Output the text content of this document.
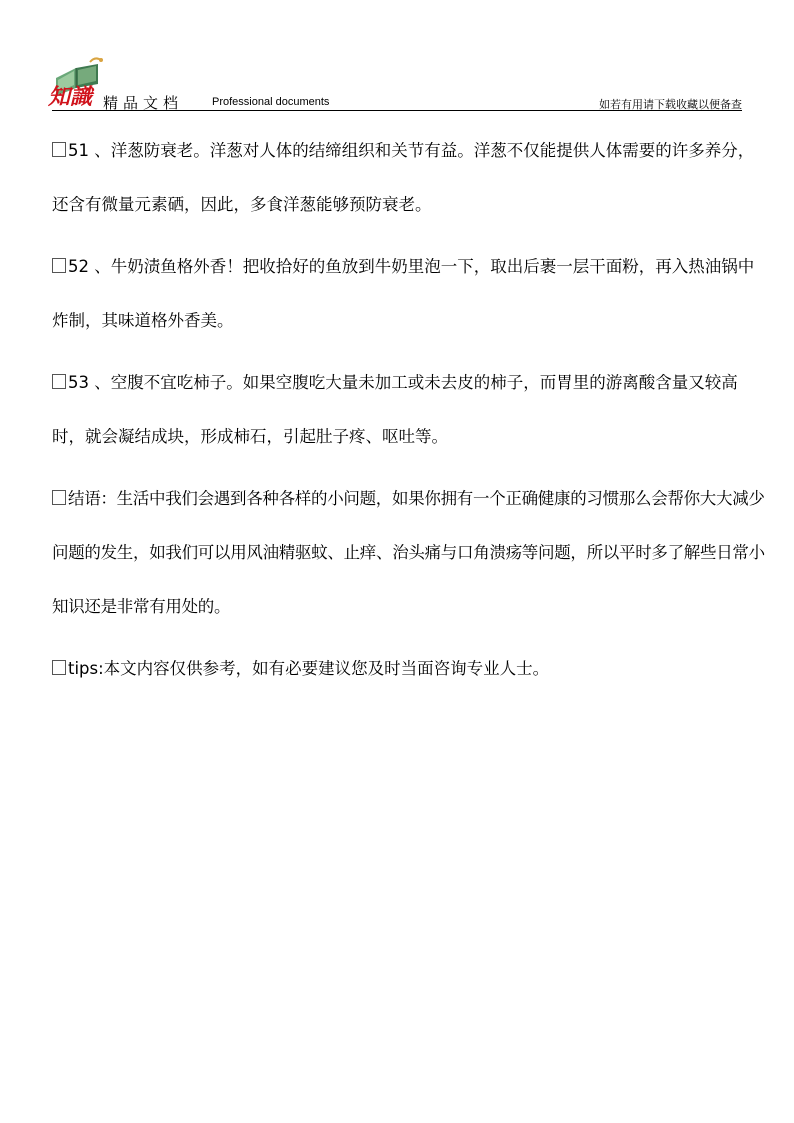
知識 精品文档	Professional documents	如若有用请下载收藏以便备查

51 、洋葱防衰老。洋葱对人体的结缔组织和关节有益。洋葱不仅能提供人体需要的许多养分，还含有微量元素硒，因此，多食洋葱能够预防衰老。

52 、牛奶渍鱼格外香！把收拾好的鱼放到牛奶里泡一下，取出后裹一层干面粉，再入热油锅中炸制，其味道格外香美。

53 、空腹不宜吃柿子。如果空腹吃大量未加工或未去皮的柿子，而胃里的游离酸含量又较高时，就会凝结成块，形成柿石，引起肚子疼、呕吐等。

结语：生活中我们会遇到各种各样的小问题，如果你拥有一个正确健康的习惯那么会帮你大大减少问题的发生，如我们可以用风油精驱蚊、止痒、治头痛与口角溃疡等问题，所以平时多了解些日常小知识还是非常有用处的。

tips:本文内容仅供参考，如有必要建议您及时当面咨询专业人士。
